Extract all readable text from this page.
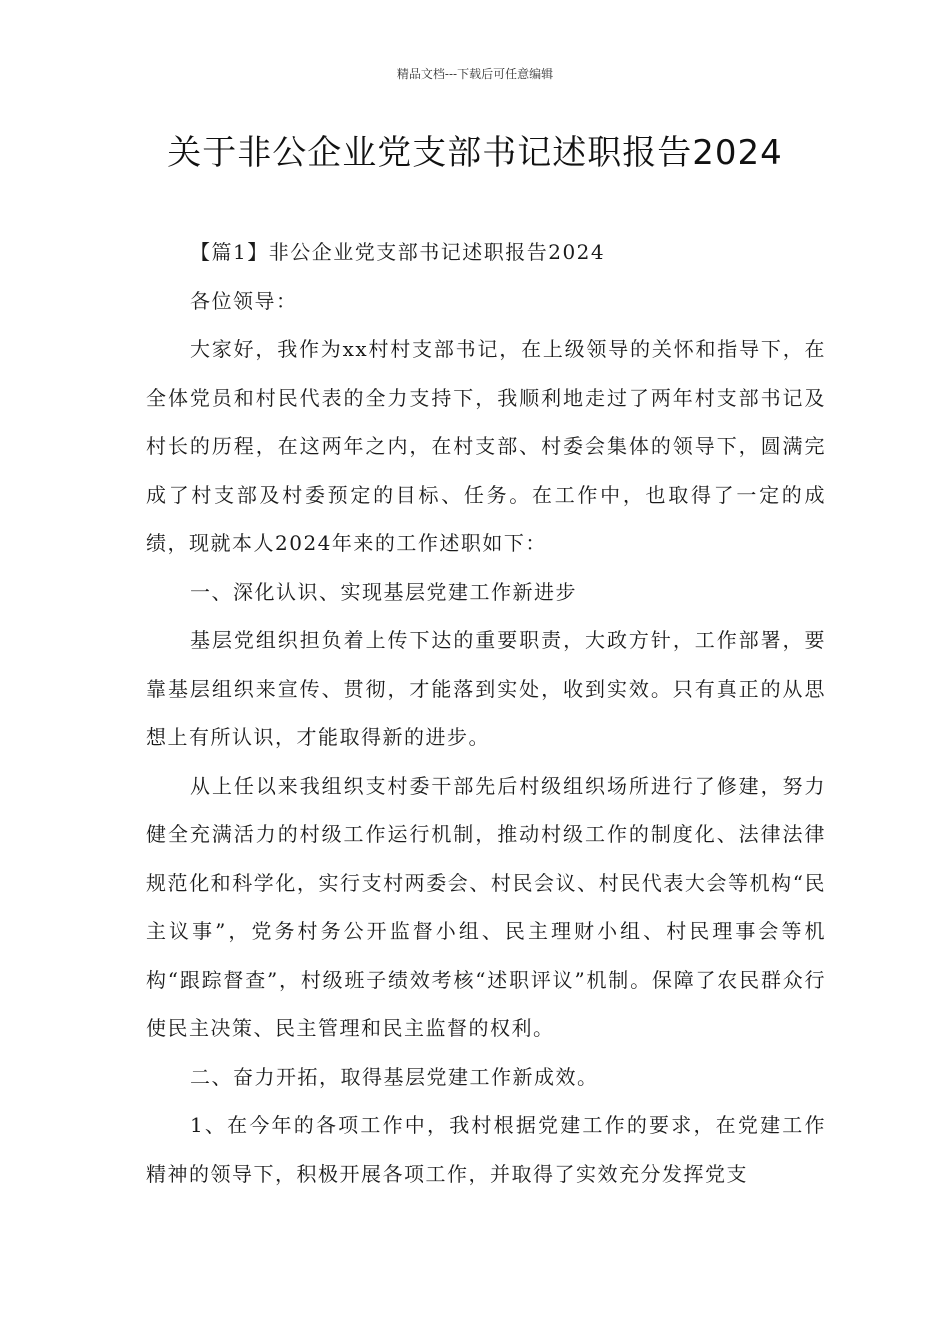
精品文档---下载后可任意编辑
关于非公企业党支部书记述职报告2024

【篇1】非公企业党支部书记述职报告2024

各位领导：

大家好，我作为xx村村支部书记，在上级领导的关怀和指导下，在全体党员和村民代表的全力支持下，我顺利地走过了两年村支部书记及村长的历程，在这两年之内，在村支部、村委会集体的领导下，圆满完成了村支部及村委预定的目标、任务。在工作中，也取得了一定的成绩，现就本人2024年来的工作述职如下：

一、深化认识、实现基层党建工作新进步

基层党组织担负着上传下达的重要职责，大政方针，工作部署，要靠基层组织来宣传、贯彻，才能落到实处，收到实效。只有真正的从思想上有所认识，才能取得新的进步。

从上任以来我组织支村委干部先后村级组织场所进行了修建，努力健全充满活力的村级工作运行机制，推动村级工作的制度化、法律法律规范化和科学化，实行支村两委会、村民会议、村民代表大会等机构“民主议事”，党务村务公开监督小组、民主理财小组、村民理事会等机构“跟踪督查”，村级班子绩效考核“述职评议”机制。保障了农民群众行使民主决策、民主管理和民主监督的权利。

二、奋力开拓，取得基层党建工作新成效。

1、在今年的各项工作中，我村根据党建工作的要求，在党建工作精神的领导下，积极开展各项工作，并取得了实效充分发挥党支
